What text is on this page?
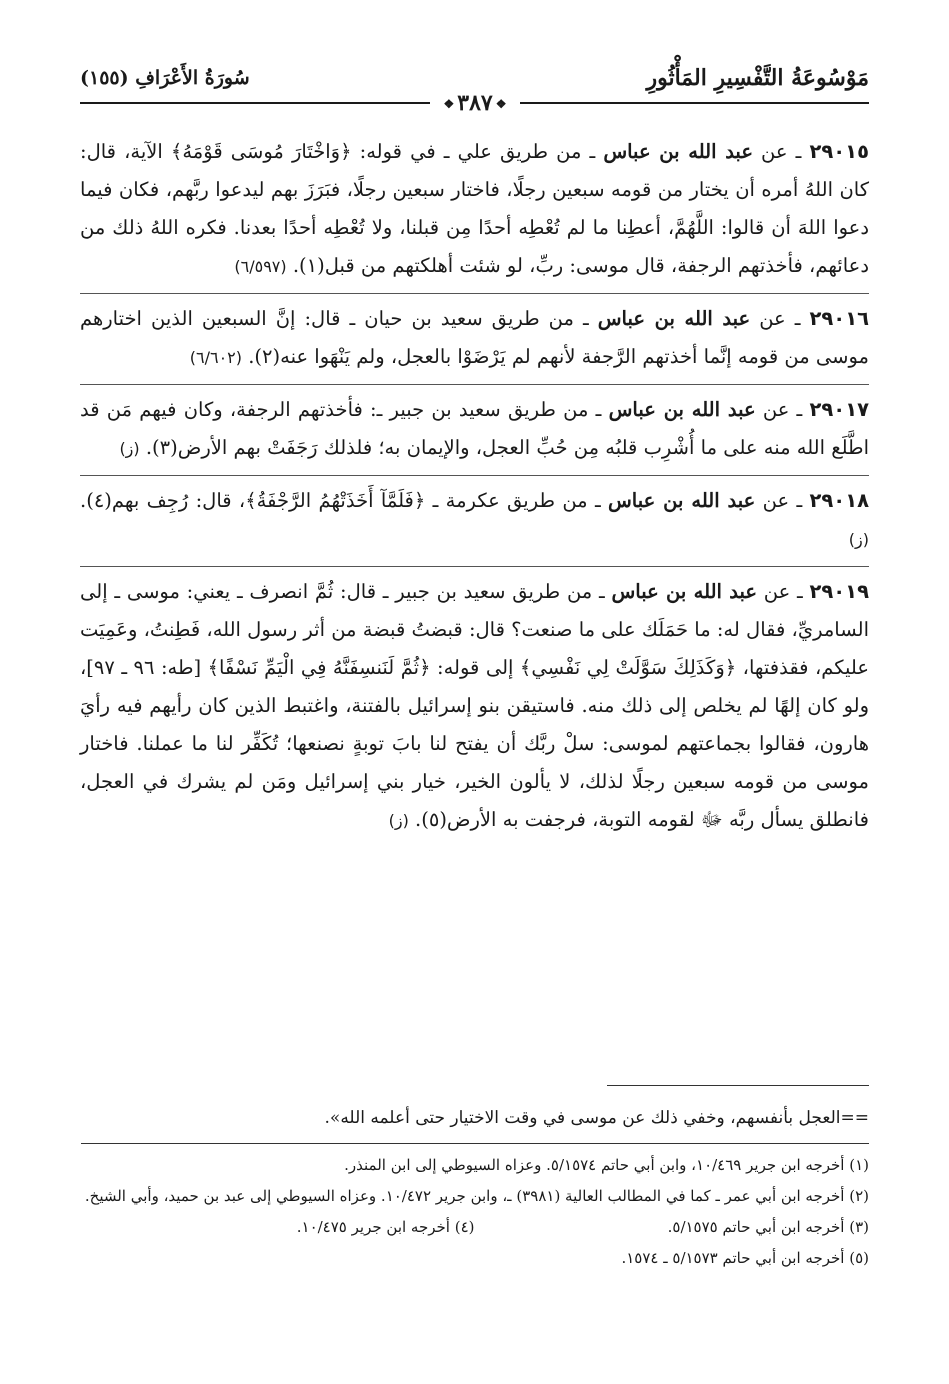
مَوْسُوعَةُ التَّفْسِيرِ المَأْثُورِ
سُورَةُ الأَعْرَافِ (١٥٥)
❖٣٨٧❖
٢٩٠١٥ ـ عن عبد الله بن عباس ـ من طريق علي ـ في قوله: ﴿وَاخْتَارَ مُوسَى قَوْمَهُ﴾ الآية، قال: كان اللهُ أمره أن يختار من قومه سبعين رجلًا، فاختار سبعين رجلًا، فبَرَزَ بهم ليدعوا ربَّهم، فكان فيما دعوا اللهَ أن قالوا: اللَّهُمَّ، أعطِنا ما لم تُعْطِه أحدًا مِن قبلنا، ولا تُعْطِه أحدًا بعدنا. فكره اللهُ ذلك من دعائهم، فأخذتهم الرجفة، قال موسى: ربِّ، لو شئت أهلكتهم من قبل(١). (٦/٥٩٧)
٢٩٠١٦ ـ عن عبد الله بن عباس ـ من طريق سعيد بن حيان ـ قال: إنَّ السبعين الذين اختارهم موسى من قومه إنَّما أخذتهم الرَّجفة لأنهم لم يَرْضَوْا بالعجل، ولم يَنْهَوا عنه(٢). (٦/٦٠٢)
٢٩٠١٧ ـ عن عبد الله بن عباس ـ من طريق سعيد بن جبير ـ: فأخذتهم الرجفة، وكان فيهم مَن قد اطَّلَع الله منه على ما أُشْرِب قلبُه مِن حُبِّ العجل، والإيمان به؛ فلذلك رَجَفَتْ بهم الأرض(٣). (ز)
٢٩٠١٨ ـ عن عبد الله بن عباس ـ من طريق عكرمة ـ ﴿فَلَمَّآ أَخَذَتْهُمُ الرَّجْفَةُ﴾، قال: رُجِف بهم(٤). (ز)
٢٩٠١٩ ـ عن عبد الله بن عباس ـ من طريق سعيد بن جبير ـ قال: ثُمَّ انصرف ـ يعني: موسى ـ إلى السامريِّ، فقال له: ما حَمَلَك على ما صنعت؟ قال: قبضتُ قبضة من أثر رسول الله، فَطِنتُ، وعَمِيَت عليكم، فقذفتها، ﴿وَكَذَلِكَ سَوَّلَتْ لِي نَفْسِي﴾ إلى قوله: ﴿ثُمَّ لَنَنسِفَنَّهُ فِي الْيَمِّ نَسْفًا﴾ [طه: ٩٦ ـ ٩٧]، ولو كان إلهًا لم يخلص إلى ذلك منه. فاستيقن بنو إسرائيل بالفتنة، واغتبط الذين كان رأيهم فيه رأيَ هارون، فقالوا بجماعتهم لموسى: سلْ ربَّك أن يفتح لنا بابَ توبةٍ نصنعها؛ تُكَفِّر لنا ما عملنا. فاختار موسى من قومه سبعين رجلًا لذلك، لا يألون الخير، خيار بني إسرائيل ومَن لم يشرك في العجل، فانطلق يسأل ربَّه ﷻ لقومه التوبة، فرجفت به الأرض(٥). (ز)
==العجل بأنفسهم، وخفي ذلك عن موسى في وقت الاختيار حتى أعلمه الله».
(١) أخرجه ابن جرير ١٠/٤٦٩، وابن أبي حاتم ٥/١٥٧٤. وعزاه السيوطي إلى ابن المنذر.
(٢) أخرجه ابن أبي عمر ـ كما في المطالب العالية (٣٩٨١) ـ، وابن جرير ١٠/٤٧٢. وعزاه السيوطي إلى عبد بن حميد، وأبي الشيخ.
(٣) أخرجه ابن أبي حاتم ٥/١٥٧٥.
(٤) أخرجه ابن جرير ١٠/٤٧٥.
(٥) أخرجه ابن أبي حاتم ٥/١٥٧٣ ـ ١٥٧٤.
